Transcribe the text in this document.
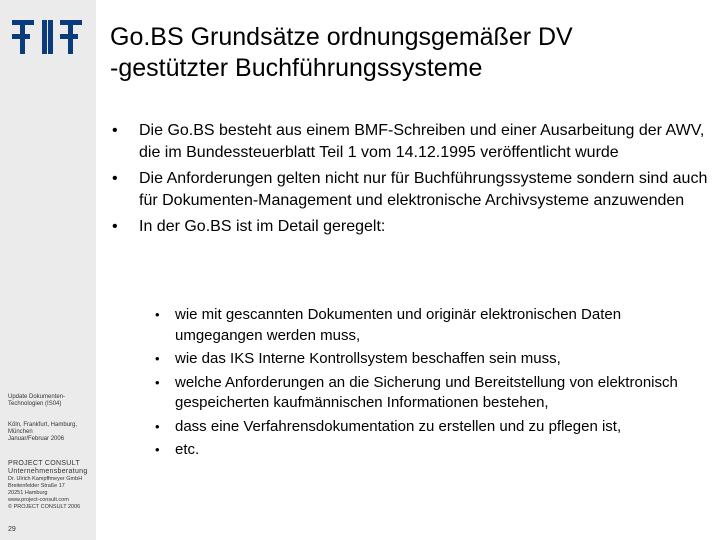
Update Dokumenten-
Technologien (IS04)
Köln, Frankfurt, Hamburg,
München
Januar/Februar 2006
PROJECT CONSULT
Unternehmensberatung
Dr. Ulrich Kampffmeyer GmbH
Breitenfelder Straße 17
20251 Hamburg
www.project-consult.com
© PROJECT CONSULT 2006
29
Go.BS Grundsätze ordnungsgemäßer DV
-gestützter Buchführungssysteme
• Die Go.BS besteht aus einem BMF-Schreiben und einer Ausarbeitung der AWV, die im Bundessteuerblatt Teil 1 vom 14.12.1995 veröffentlicht wurde
• Die Anforderungen gelten nicht nur für Buchführungssysteme sondern sind auch für Dokumenten-Management und elektronische Archivsysteme anzuwenden
• In der Go.BS ist im Detail geregelt:
• wie mit gescannten Dokumenten und originär elektronischen Daten umgegangen werden muss,
• wie das IKS Interne Kontrollsystem beschaffen sein muss,
• welche Anforderungen an die Sicherung und Bereitstellung von elektronisch gespeicherten kaufmännischen Informationen bestehen,
• dass eine Verfahrensdokumentation zu erstellen und zu pflegen ist,
• etc.
